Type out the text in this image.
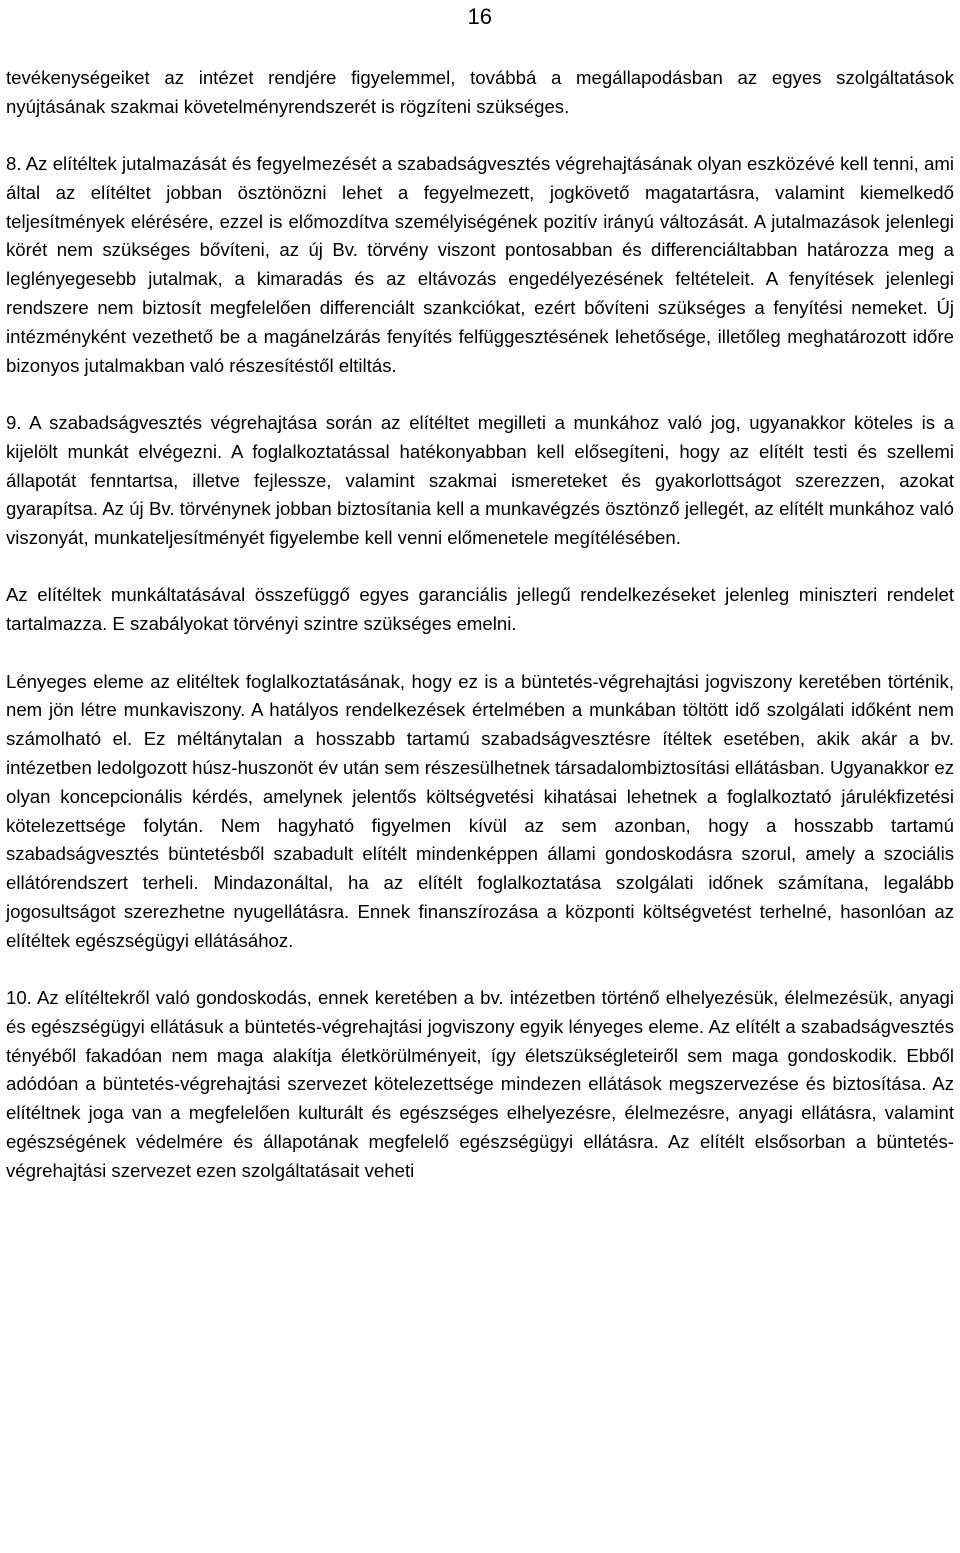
16

tevékenységeiket az intézet rendjére figyelemmel, továbbá a megállapodásban az egyes szolgáltatások nyújtásának szakmai követelményrendszerét is rögzíteni szükséges.

8. Az elítéltek jutalmazását és fegyelmezését a szabadságvesztés végrehajtásának olyan eszközévé kell tenni, ami által az elítéltet jobban ösztönözni lehet a fegyelmezett, jogkövető magatartásra, valamint kiemelkedő teljesítmények elérésére, ezzel is előmozdítva személyiségének pozitív irányú változását. A jutalmazások jelenlegi körét nem szükséges bővíteni, az új Bv. törvény viszont pontosabban és differenciáltabban határozza meg a leglényegesebb jutalmak, a kimaradás és az eltávozás engedélyezésének feltételeit. A fenyítések jelenlegi rendszere nem biztosít megfelelően differenciált szankciókat, ezért bővíteni szükséges a fenyítési nemeket. Új intézményként vezethető be a magánelzárás fenyítés felfüggesztésének lehetősége, illetőleg meghatározott időre bizonyos jutalmakban való részesítéstől eltiltás.

9. A szabadságvesztés végrehajtása során az elítéltet megilleti a munkához való jog, ugyanakkor köteles is a kijelölt munkát elvégezni. A foglalkoztatással hatékonyabban kell elősegíteni, hogy az elítélt testi és szellemi állapotát fenntartsa, illetve fejlessze, valamint szakmai ismereteket és gyakorlottságot szerezzen, azokat gyarapítsa. Az új Bv. törvénynek jobban biztosítania kell a munkavégzés ösztönző jellegét, az elítélt munkához való viszonyát, munkateljesítményét figyelembe kell venni előmenetele megítélésében.

Az elítéltek munkáltatásával összefüggő egyes garanciális jellegű rendelkezéseket jelenleg miniszteri rendelet tartalmazza. E szabályokat törvényi szintre szükséges emelni.

Lényeges eleme az elitéltek foglalkoztatásának, hogy ez is a büntetés-végrehajtási jogviszony keretében történik, nem jön létre munkaviszony. A hatályos rendelkezések értelmében a munkában töltött idő szolgálati időként nem számolható el. Ez méltánytalan a hosszabb tartamú szabadságvesztésre ítéltek esetében, akik akár a bv. intézetben ledolgozott húsz-huszonöt év után sem részesülhetnek társadalombiztosítási ellátásban. Ugyanakkor ez olyan koncepcionális kérdés, amelynek jelentős költségvetési kihatásai lehetnek a foglalkoztató járulékfizetési kötelezettsége folytán. Nem hagyható figyelmen kívül az sem azonban, hogy a hosszabb tartamú szabadságvesztés büntetésből szabadult elítélt mindenképpen állami gondoskodásra szorul, amely a szociális ellátórendszert terheli. Mindazonáltal, ha az elítélt foglalkoztatása szolgálati időnek számítana, legalább jogosultságot szerezhetne nyugellátásra. Ennek finanszírozása a központi költségvetést terhelné, hasonlóan az elítéltek egészségügyi ellátásához.

10. Az elítéltekről való gondoskodás, ennek keretében a bv. intézetben történő elhelyezésük, élelmezésük, anyagi és egészségügyi ellátásuk a büntetés-végrehajtási jogviszony egyik lényeges eleme. Az elítélt a szabadságvesztés tényéből fakadóan nem maga alakítja életkörülményeit, így életszükségleteiről sem maga gondoskodik. Ebből adódóan a büntetés-végrehajtási szervezet kötelezettsége mindezen ellátások megszervezése és biztosítása. Az elítéltnek joga van a megfelelően kulturált és egészséges elhelyezésre, élelmezésre, anyagi ellátásra, valamint egészségének védelmére és állapotának megfelelő egészségügyi ellátásra. Az elítélt elsősorban a büntetés-végrehajtási szervezet ezen szolgáltatásait veheti
